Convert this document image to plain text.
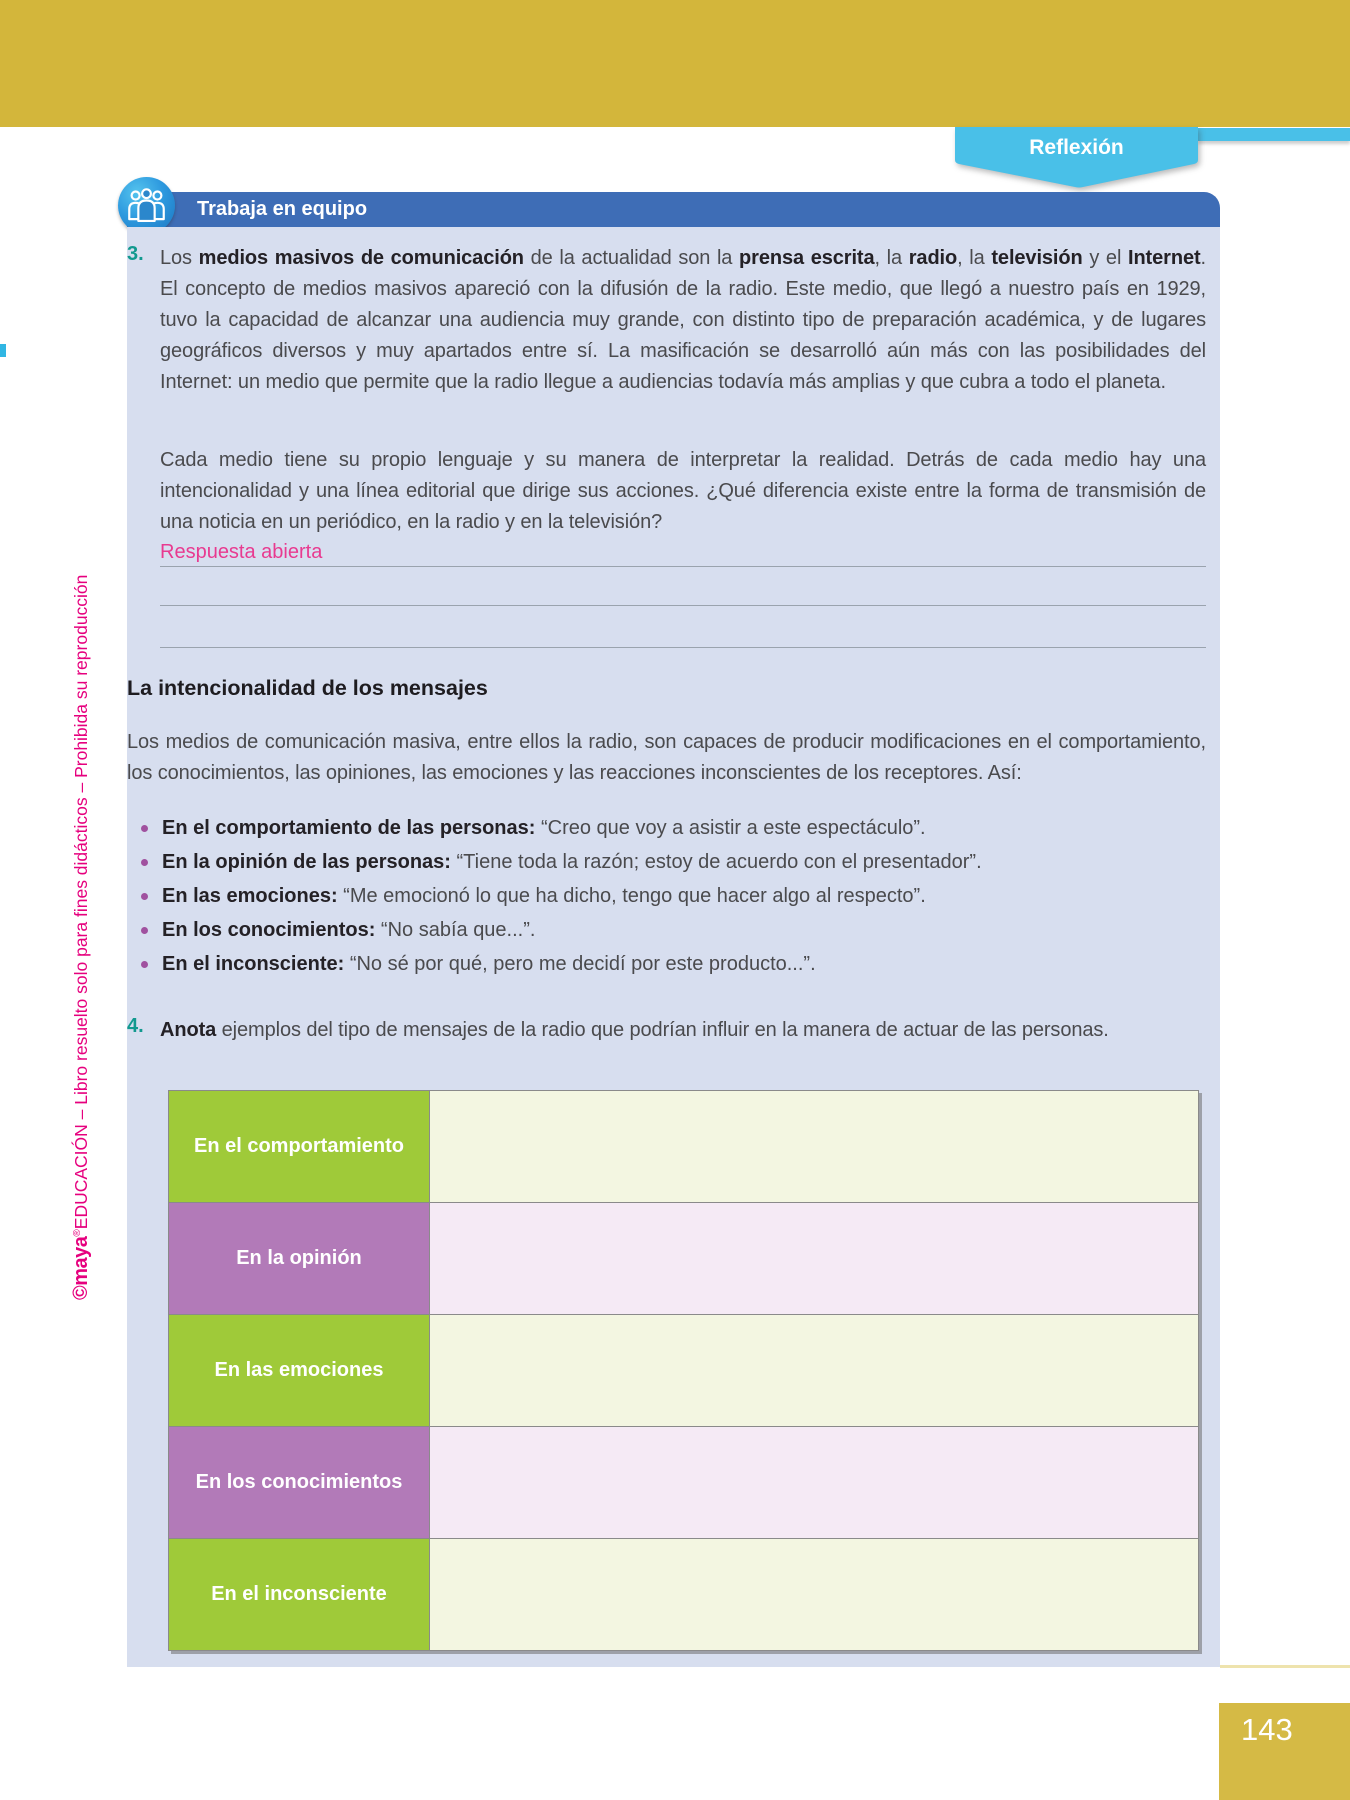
Reflexión
Trabaja en equipo
3. Los medios masivos de comunicación de la actualidad son la prensa escrita, la radio, la televisión y el Internet. El concepto de medios masivos apareció con la difusión de la radio. Este medio, que llegó a nuestro país en 1929, tuvo la capacidad de alcanzar una audiencia muy grande, con distinto tipo de preparación académica, y de lugares geográficos diversos y muy apartados entre sí. La masificación se desarrolló aún más con las posibilidades del Internet: un medio que permite que la radio llegue a audiencias todavía más amplias y que cubra a todo el planeta.
Cada medio tiene su propio lenguaje y su manera de interpretar la realidad. Detrás de cada medio hay una intencionalidad y una línea editorial que dirige sus acciones. ¿Qué diferencia existe entre la forma de transmisión de una noticia en un periódico, en la radio y en la televisión?
Respuesta abierta
La intencionalidad de los mensajes
Los medios de comunicación masiva, entre ellos la radio, son capaces de producir modificaciones en el comportamiento, los conocimientos, las opiniones, las emociones y las reacciones inconscientes de los receptores. Así:
En el comportamiento de las personas: “Creo que voy a asistir a este espectáculo”.
En la opinión de las personas: “Tiene toda la razón; estoy de acuerdo con el presentador”.
En las emociones: “Me emocionó lo que ha dicho, tengo que hacer algo al respecto”.
En los conocimientos: “No sabía que...”.
En el inconsciente: “No sé por qué, pero me decidí por este producto...”.
4. Anota ejemplos del tipo de mensajes de la radio que podrían influir en la manera de actuar de las personas.
En el comportamiento
En la opinión
En las emociones
En los conocimientos
En el inconsciente
143
©maya®EDUCACIÓN – Libro resuelto solo para fines didácticos – Prohibida su reproducción
